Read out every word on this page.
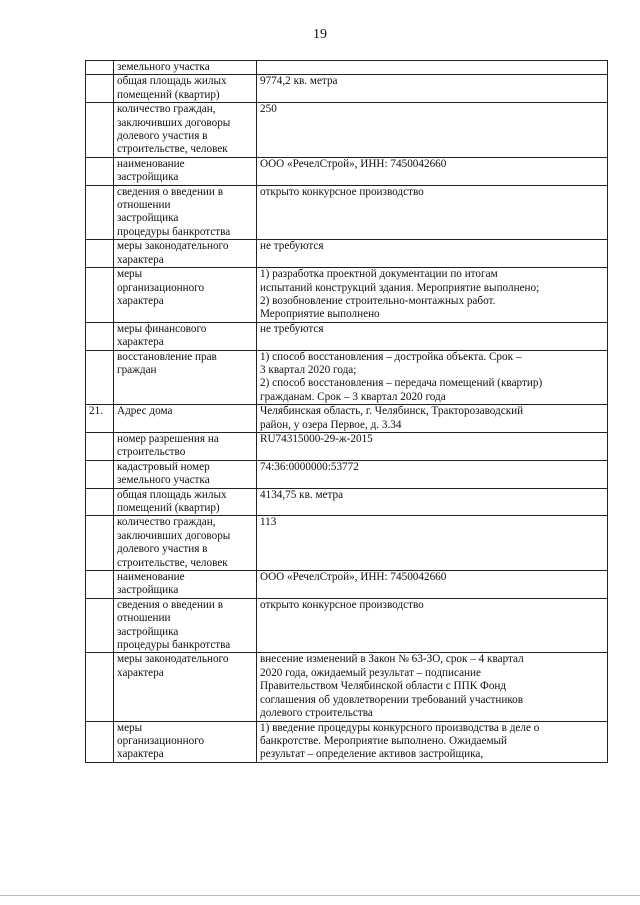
19

	земельного участка	

	общая площадь жилых
помещений (квартир)	9774,2 кв. метра

	количество граждан,
заключивших договоры
долевого участия в
строительстве, человек	250

	наименование
застройщика	ООО «РечелСтрой», ИНН: 7450042660

	сведения о введении в
отношении
застройщика
процедуры банкротства	открыто конкурсное производство

	меры законодательного
характера	не требуются

	меры
организационного
характера	1) разработка проектной документации по итогам
испытаний конструкций здания. Мероприятие выполнено;
2) возобновление строительно-монтажных работ.
Мероприятие выполнено

	меры финансового
характера	не требуются

	восстановление прав
граждан	1) способ восстановления – достройка объекта. Срок –
3 квартал 2020 года;
2) способ восстановления – передача помещений (квартир)
гражданам. Срок – 3 квартал 2020 года

21.	Адрес дома	Челябинская область, г. Челябинск, Тракторозаводский
район, у озера Первое, д. 3.34

	номер разрешения на
строительство	RU74315000-29-ж-2015

	кадастровый номер
земельного участка	74:36:0000000:53772

	общая площадь жилых
помещений (квартир)	4134,75 кв. метра

	количество граждан,
заключивших договоры
долевого участия в
строительстве, человек	113

	наименование
застройщика	ООО «РечелСтрой», ИНН: 7450042660

	сведения о введении в
отношении
застройщика
процедуры банкротства	открыто конкурсное производство

	меры законодательного
характера	внесение изменений в Закон № 63-ЗО, срок – 4 квартал
2020 года, ожидаемый результат – подписание
Правительством Челябинской области с ППК Фонд
соглашения об удовлетворении требований участников
долевого строительства

	меры
организационного
характера	1) введение процедуры конкурсного производства в деле о
банкротстве. Мероприятие выполнено. Ожидаемый
результат – определение активов застройщика,
